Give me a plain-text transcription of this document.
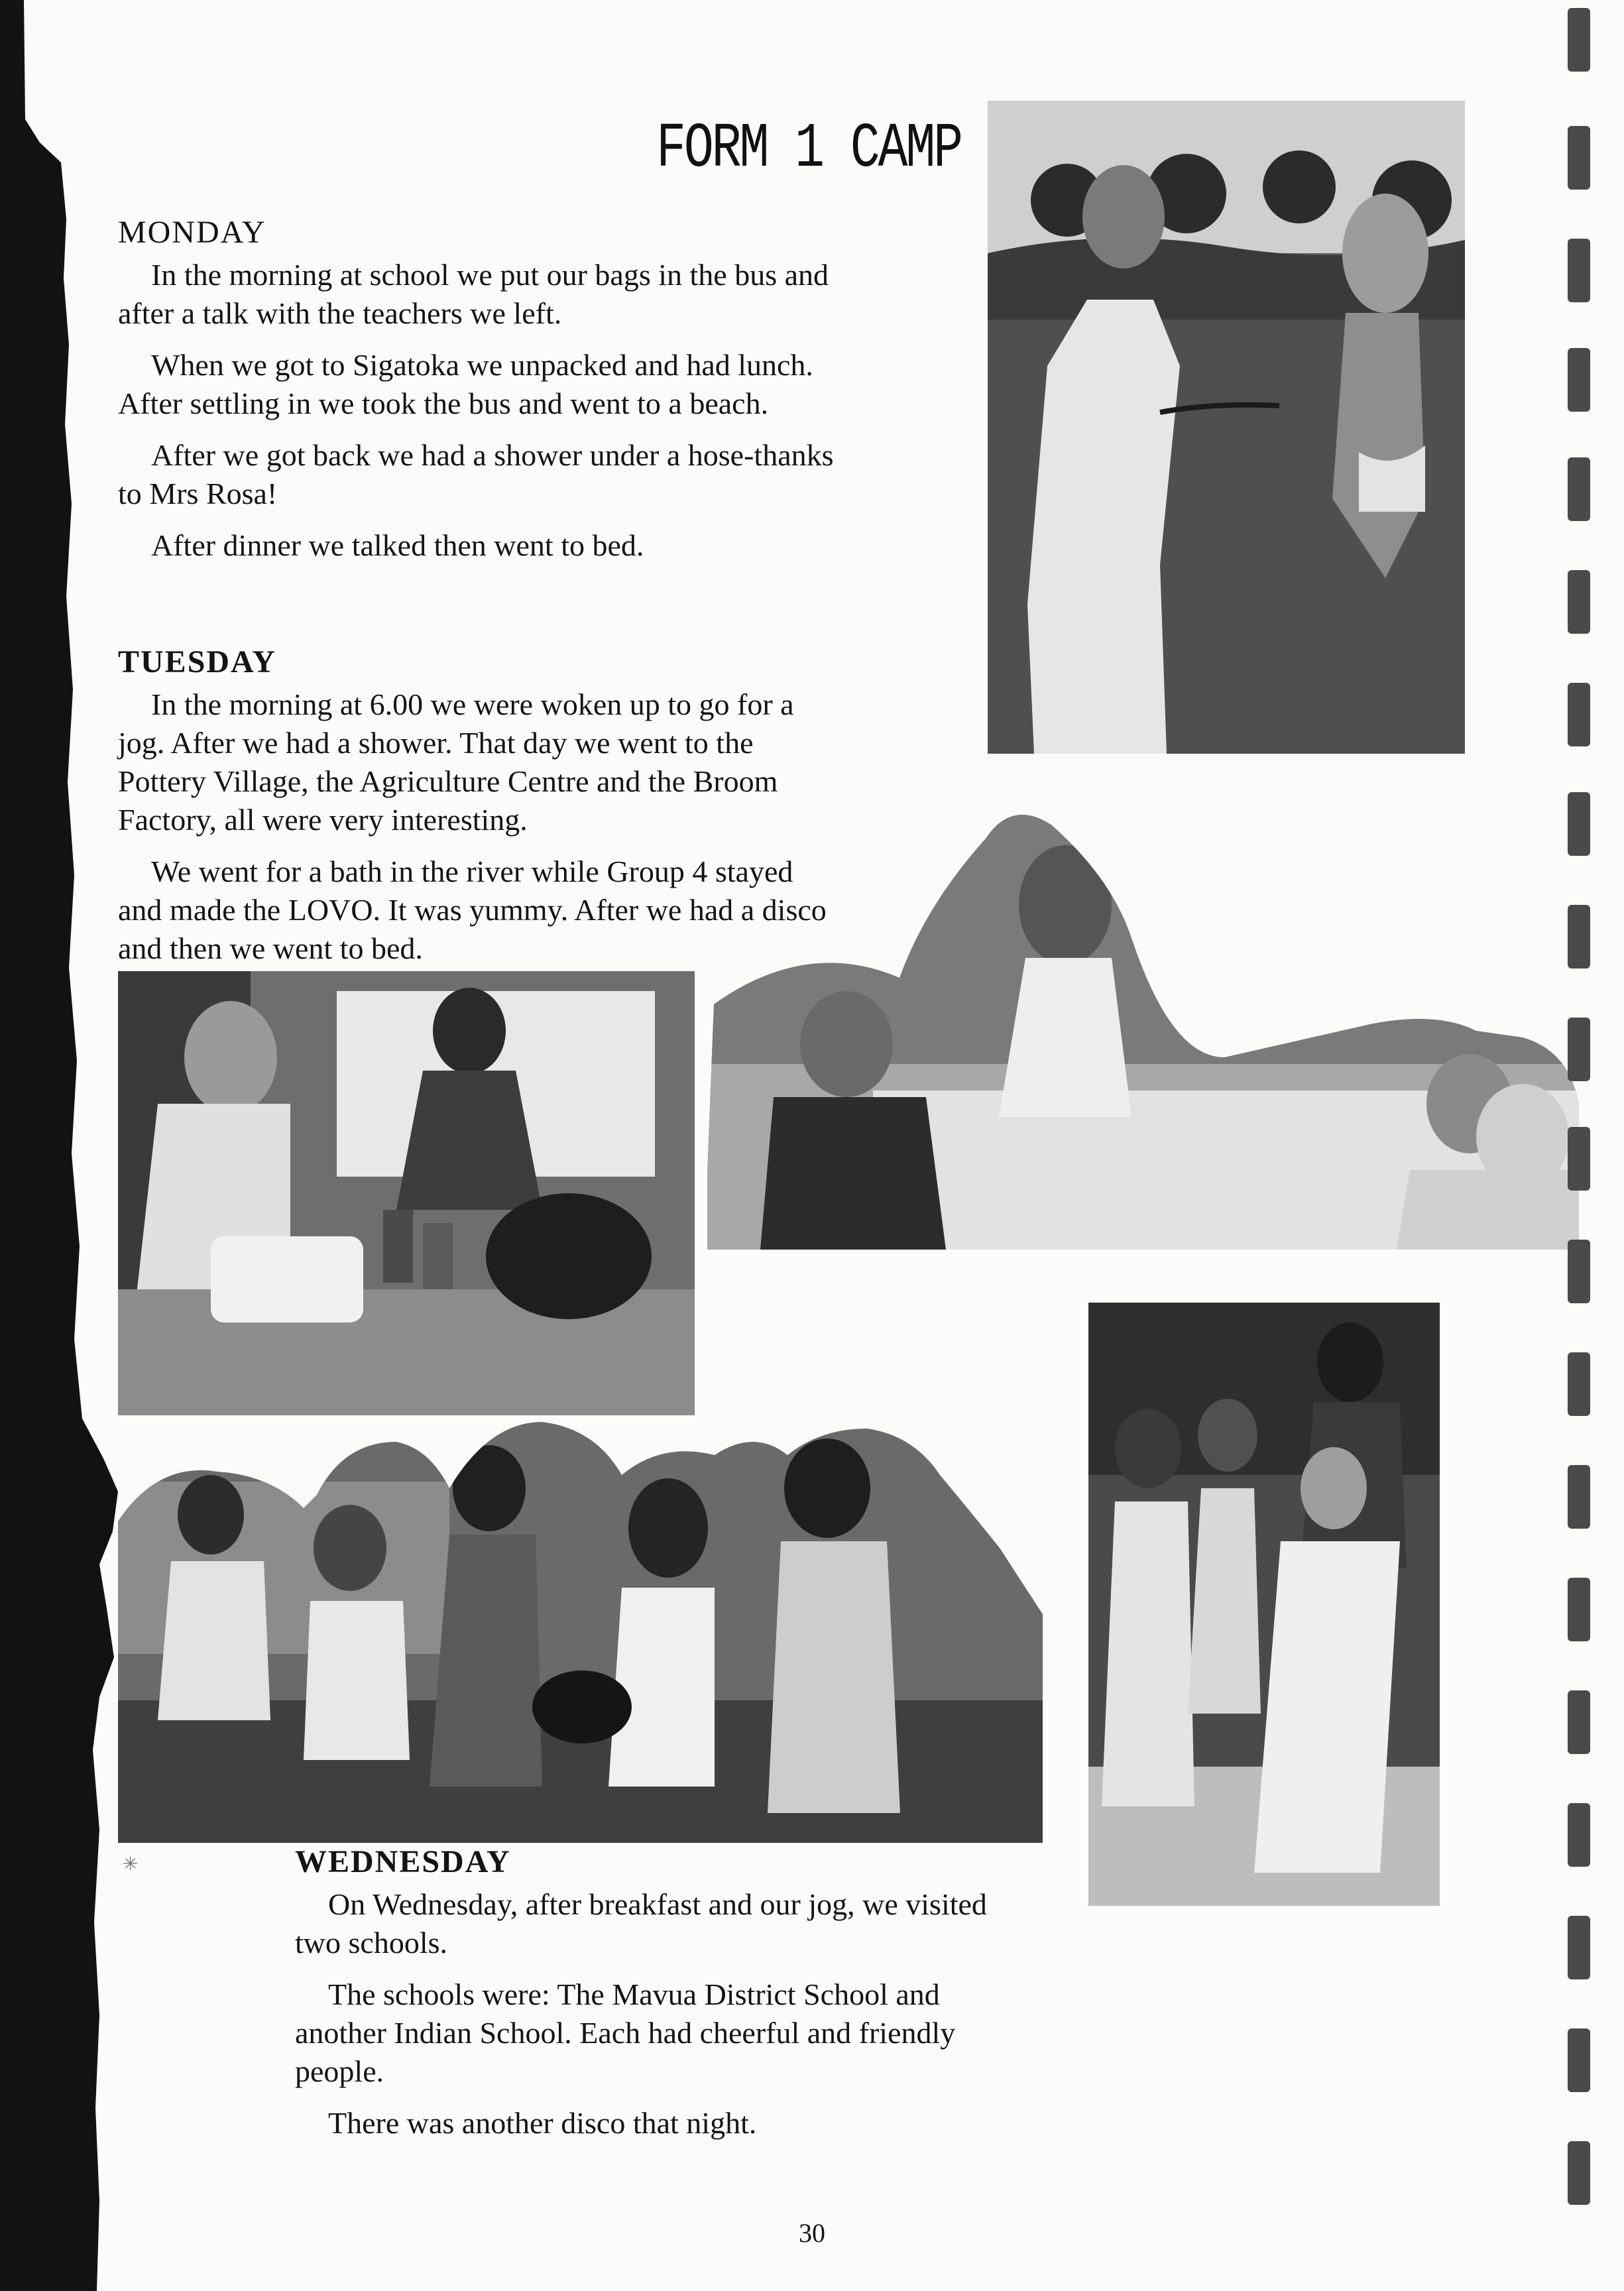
FORM 1 CAMP
MONDAY

In the morning at school we put our bags in the bus and after a talk with the teachers we left.

When we got to Sigatoka we unpacked and had lunch. After settling in we took the bus and went to a beach.

After we got back we had a shower under a hose-thanks to Mrs Rosa!

After dinner we talked then went to bed.

TUESDAY

In the morning at 6.00 we were woken up to go for a jog. After we had a shower. That day we went to the Pottery Village, the Agriculture Centre and the Broom Factory, all were very interesting.

We went for a bath in the river while Group 4 stayed and made the LOVO. It was yummy. After we had a disco and then we went to bed.

WEDNESDAY

On Wednesday, after breakfast and our jog, we visited two schools.

The schools were: The Mavua District School and another Indian School. Each had cheerful and friendly people.

There was another disco that night.

✳
30
